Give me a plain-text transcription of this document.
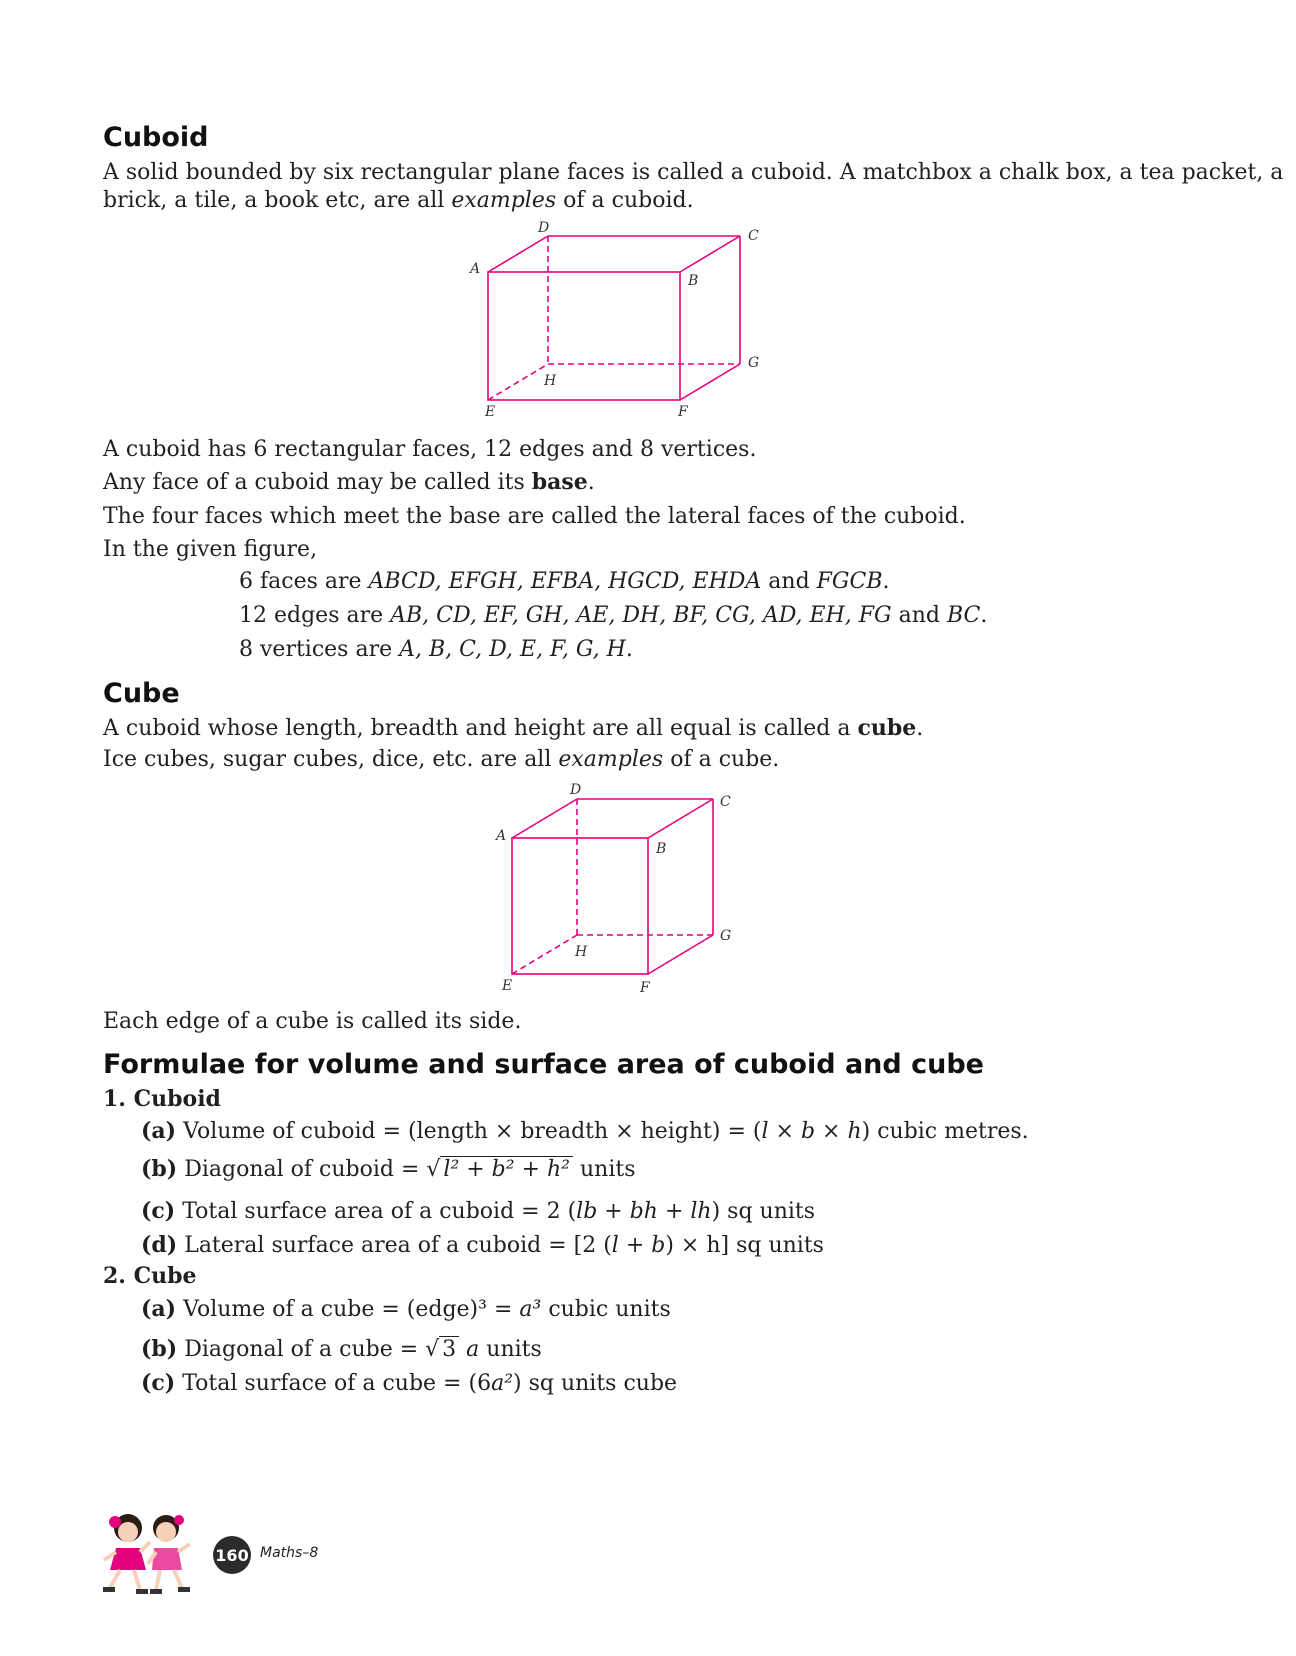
Cuboid
A solid bounded by six rectangular plane faces is called a cuboid. A matchbox a chalk box, a tea packet, a
brick, a tile, a book etc, are all examples of a cuboid.
D	C
A
B
G
H
E	F
A cuboid has 6 rectangular faces, 12 edges and 8 vertices.
Any face of a cuboid may be called its base.
The four faces which meet the base are called the lateral faces of the cuboid.
In the given figure,
6 faces are ABCD, EFGH, EFBA, HGCD, EHDA and FGCB.
12 edges are AB, CD, EF, GH, AE, DH, BF, CG, AD, EH, FG and BC.
8 vertices are A, B, C, D, E, F, G, H.
Cube
A cuboid whose length, breadth and height are all equal is called a cube.
Ice cubes, sugar cubes, dice, etc. are all examples of a cube.
D
C
A
B
G
H
E	F
Each edge of a cube is called its side.
Formulae for volume and surface area of cuboid and cube
1. Cuboid
(a) Volume of cuboid = (length × breadth × height) = (l × b × h) cubic metres.
(b) Diagonal of cuboid = √ l² + b² + h² units
(c) Total surface area of a cuboid = 2 (lb + bh + lh) sq units
(d) Lateral surface area of a cuboid = [2 (l + b) × h] sq units
2. Cube
(a) Volume of a cube = (edge)³ = a³ cubic units
(b) Diagonal of a cube = √ 3 a units
(c) Total surface of a cube = (6a²) sq units cube
160 Maths–8
